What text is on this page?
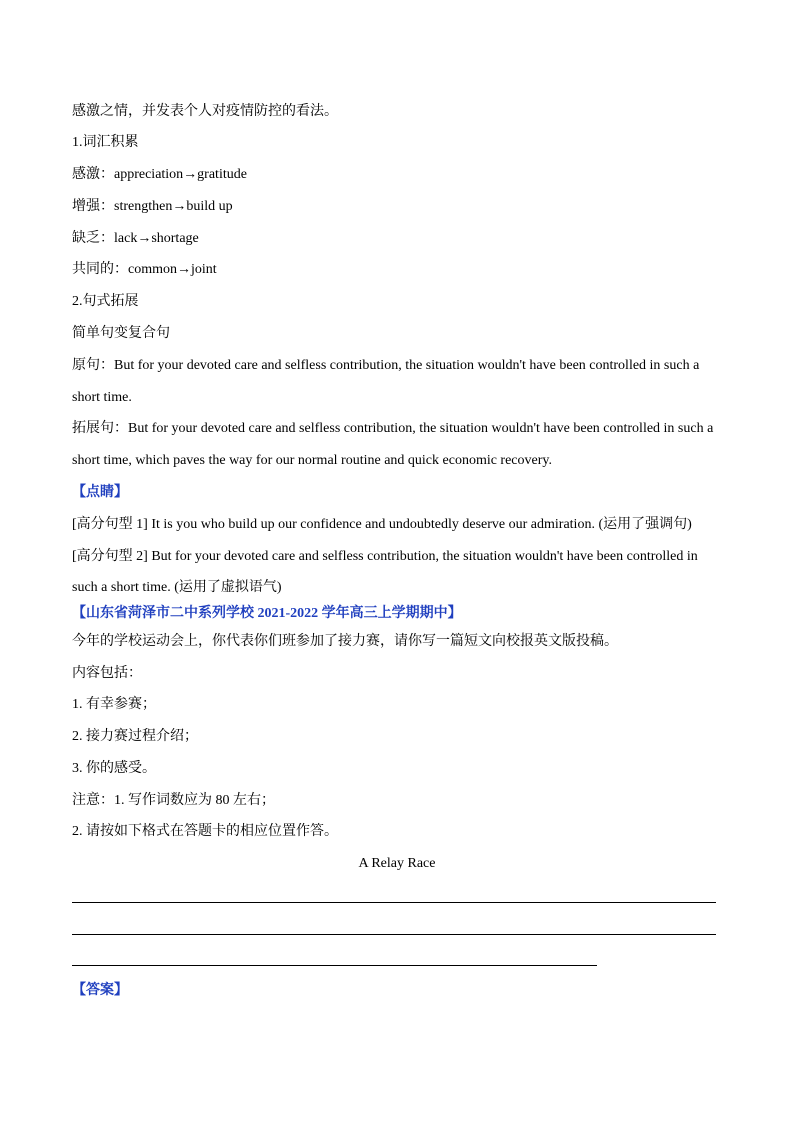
感激之情，并发表个人对疫情防控的看法。
1.词汇积累
感激：appreciation→gratitude
增强：strengthen→build up
缺乏：lack→shortage
共同的：common→joint
2.句式拓展
简单句变复合句
原句：But for your devoted care and selfless contribution, the situation wouldn't have been controlled in such a
short time.
拓展句：But for your devoted care and selfless contribution, the situation wouldn't have been controlled in such a
short time, which paves the way for our normal routine and quick economic recovery.
【点睛】
[高分句型 1] It is you who build up our confidence and undoubtedly deserve our admiration. (运用了强调句)
[高分句型 2] But for your devoted care and selfless contribution, the situation wouldn't have been controlled in
such a short time. (运用了虚拟语气)
【山东省菏泽市二中系列学校 2021-2022 学年高三上学期期中】
今年的学校运动会上，你代表你们班参加了接力赛，请你写一篇短文向校报英文版投稿。
内容包括：
1. 有幸参赛；
2. 接力赛过程介绍；
3. 你的感受。
注意：1. 写作词数应为 80 左右；
2. 请按如下格式在答题卡的相应位置作答。
A Relay Race
【答案】
